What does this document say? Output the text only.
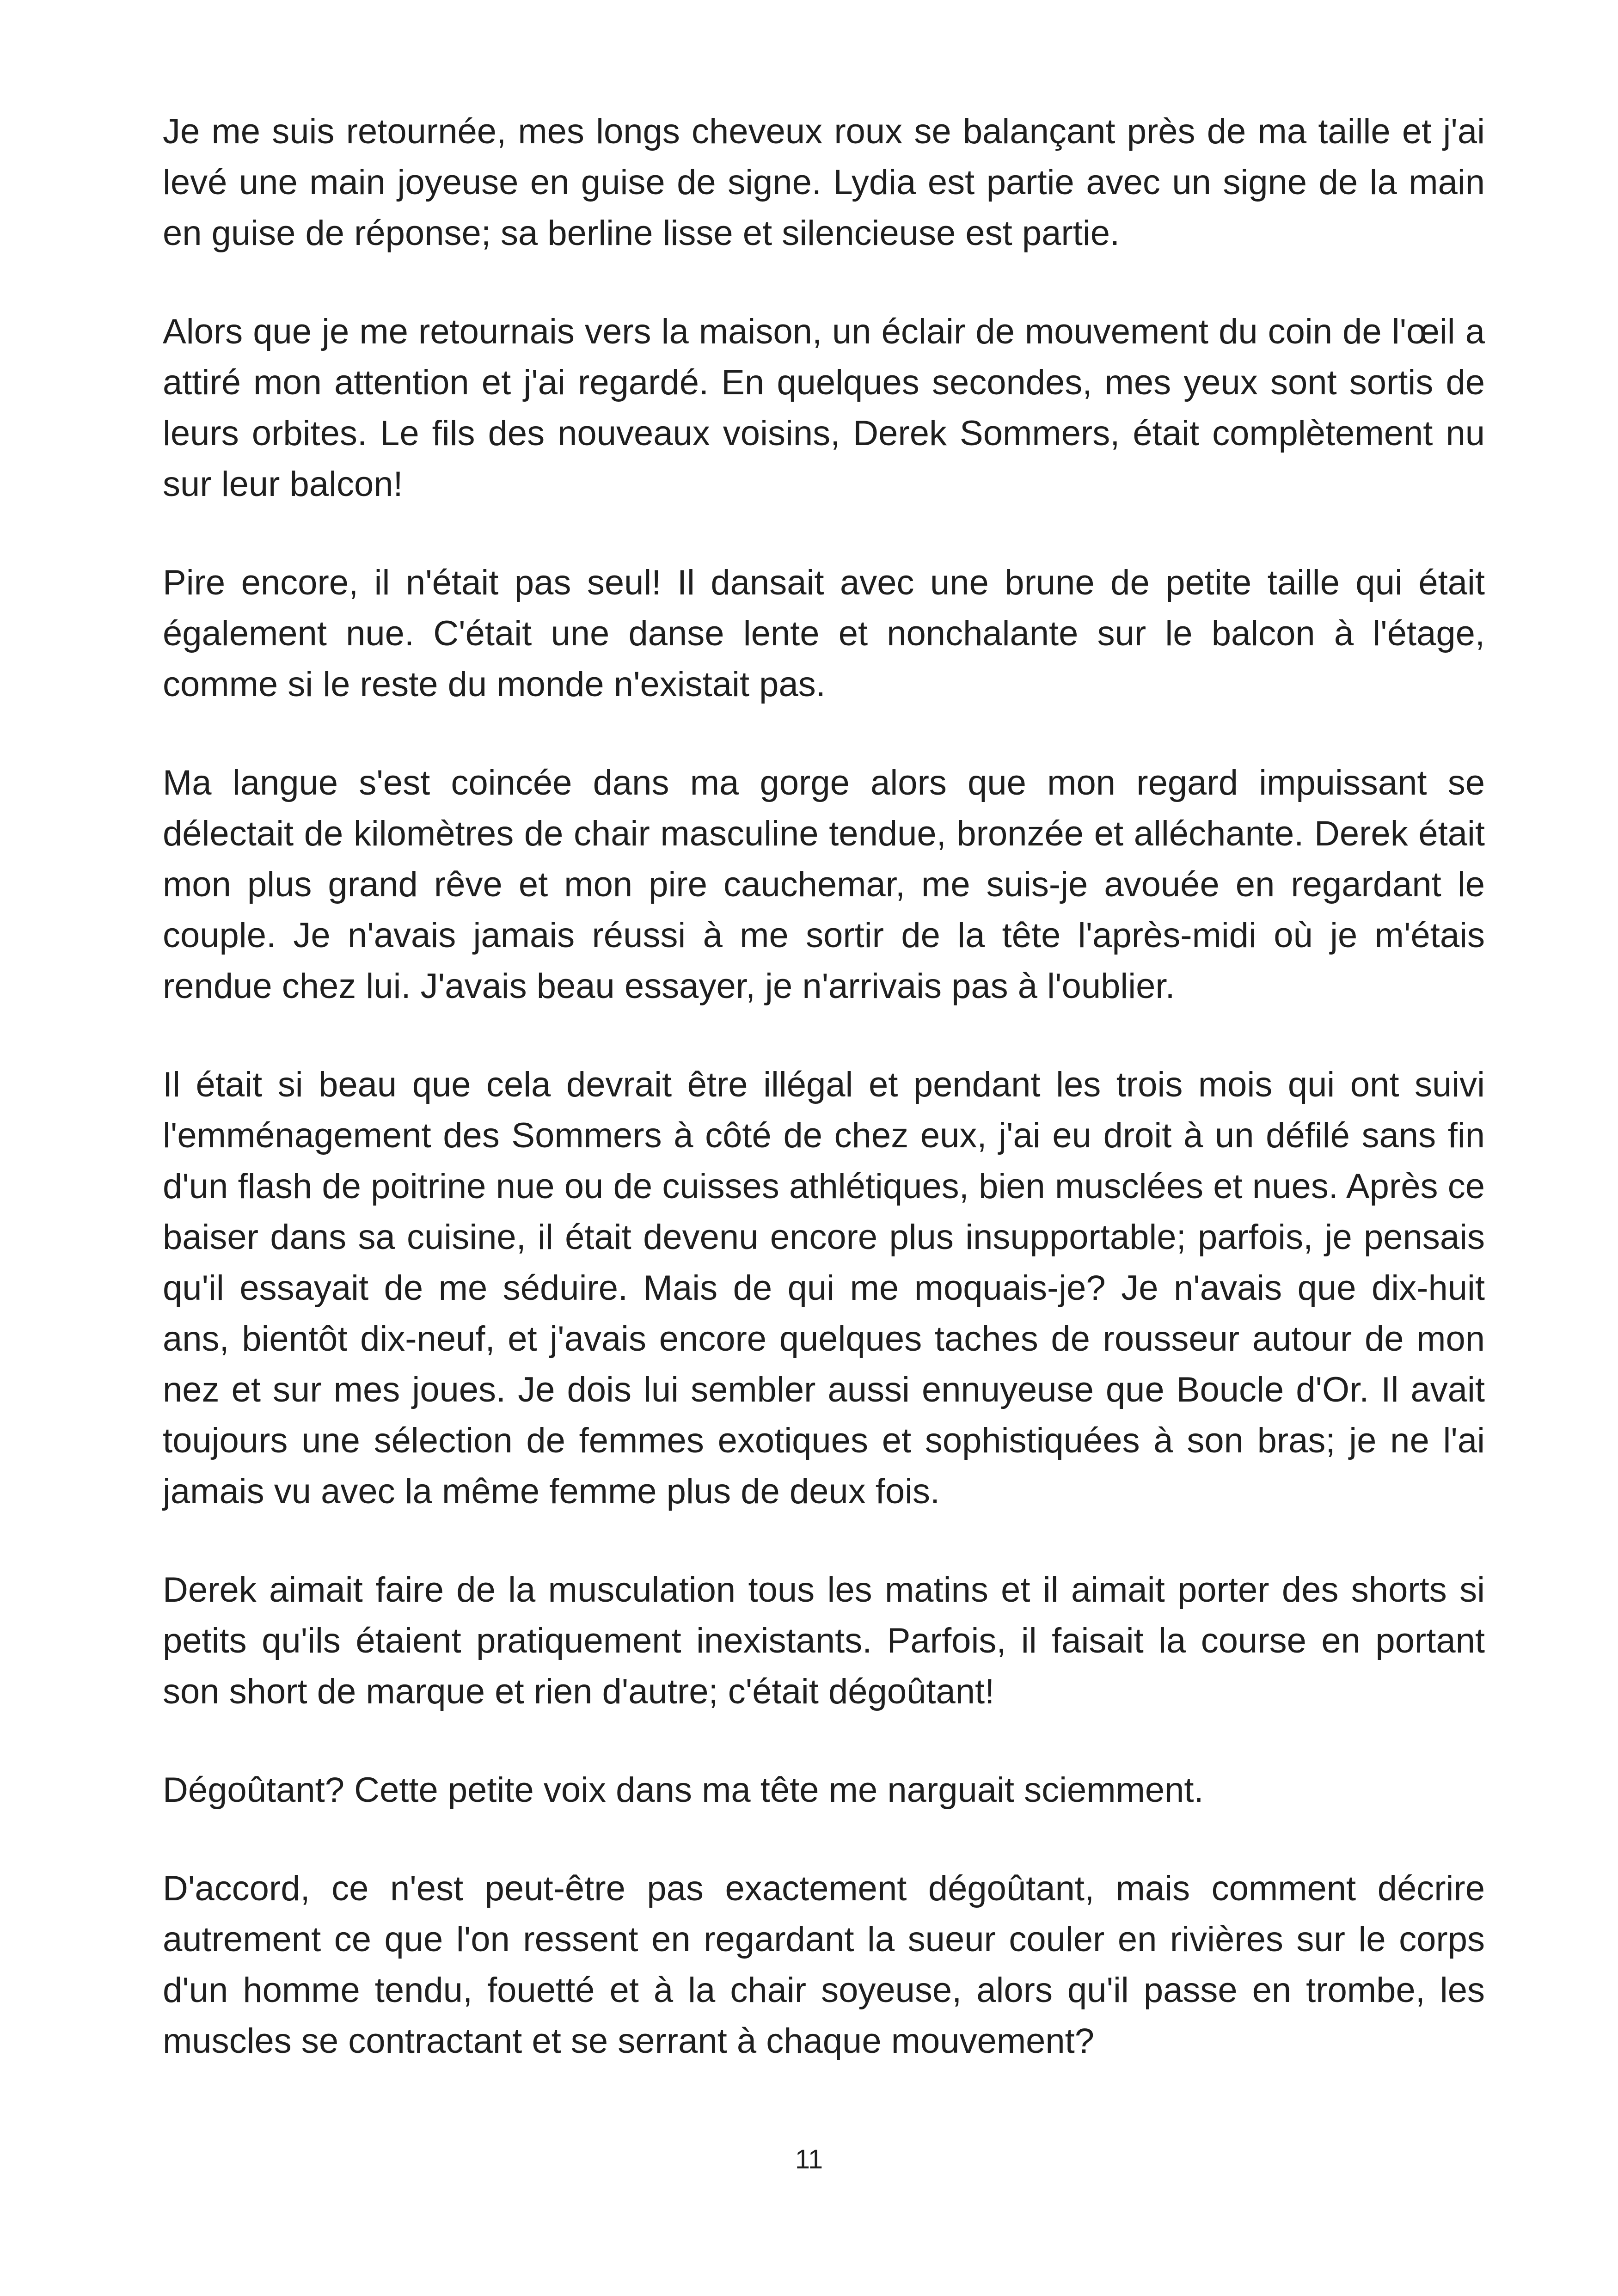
Je me suis retournée, mes longs cheveux roux se balançant près de ma taille et j'ai levé une main joyeuse en guise de signe. Lydia est partie avec un signe de la main en guise de réponse; sa berline lisse et silencieuse est partie.

Alors que je me retournais vers la maison, un éclair de mouvement du coin de l'œil a attiré mon attention et j'ai regardé. En quelques secondes, mes yeux sont sortis de leurs orbites. Le fils des nouveaux voisins, Derek Sommers, était complètement nu sur leur balcon!

Pire encore, il n'était pas seul! Il dansait avec une brune de petite taille qui était également nue. C'était une danse lente et nonchalante sur le balcon à l'étage, comme si le reste du monde n'existait pas.

Ma langue s'est coincée dans ma gorge alors que mon regard impuissant se délectait de kilomètres de chair masculine tendue, bronzée et alléchante. Derek était mon plus grand rêve et mon pire cauchemar, me suis-je avouée en regardant le couple. Je n'avais jamais réussi à me sortir de la tête l'après-midi où je m'étais rendue chez lui. J'avais beau essayer, je n'arrivais pas à l'oublier.

Il était si beau que cela devrait être illégal et pendant les trois mois qui ont suivi l'emménagement des Sommers à côté de chez eux, j'ai eu droit à un défilé sans fin d'un flash de poitrine nue ou de cuisses athlétiques, bien musclées et nues. Après ce baiser dans sa cuisine, il était devenu encore plus insupportable; parfois, je pensais qu'il essayait de me séduire. Mais de qui me moquais-je? Je n'avais que dix-huit ans, bientôt dix-neuf, et j'avais encore quelques taches de rousseur autour de mon nez et sur mes joues. Je dois lui sembler aussi ennuyeuse que Boucle d'Or. Il avait toujours une sélection de femmes exotiques et sophistiquées à son bras; je ne l'ai jamais vu avec la même femme plus de deux fois.

Derek aimait faire de la musculation tous les matins et il aimait porter des shorts si petits qu'ils étaient pratiquement inexistants. Parfois, il faisait la course en portant son short de marque et rien d'autre; c'était dégoûtant!

Dégoûtant? Cette petite voix dans ma tête me narguait sciemment.

D'accord, ce n'est peut-être pas exactement dégoûtant, mais comment décrire autrement ce que l'on ressent en regardant la sueur couler en rivières sur le corps d'un homme tendu, fouetté et à la chair soyeuse, alors qu'il passe en trombe, les muscles se contractant et se serrant à chaque mouvement?

11
